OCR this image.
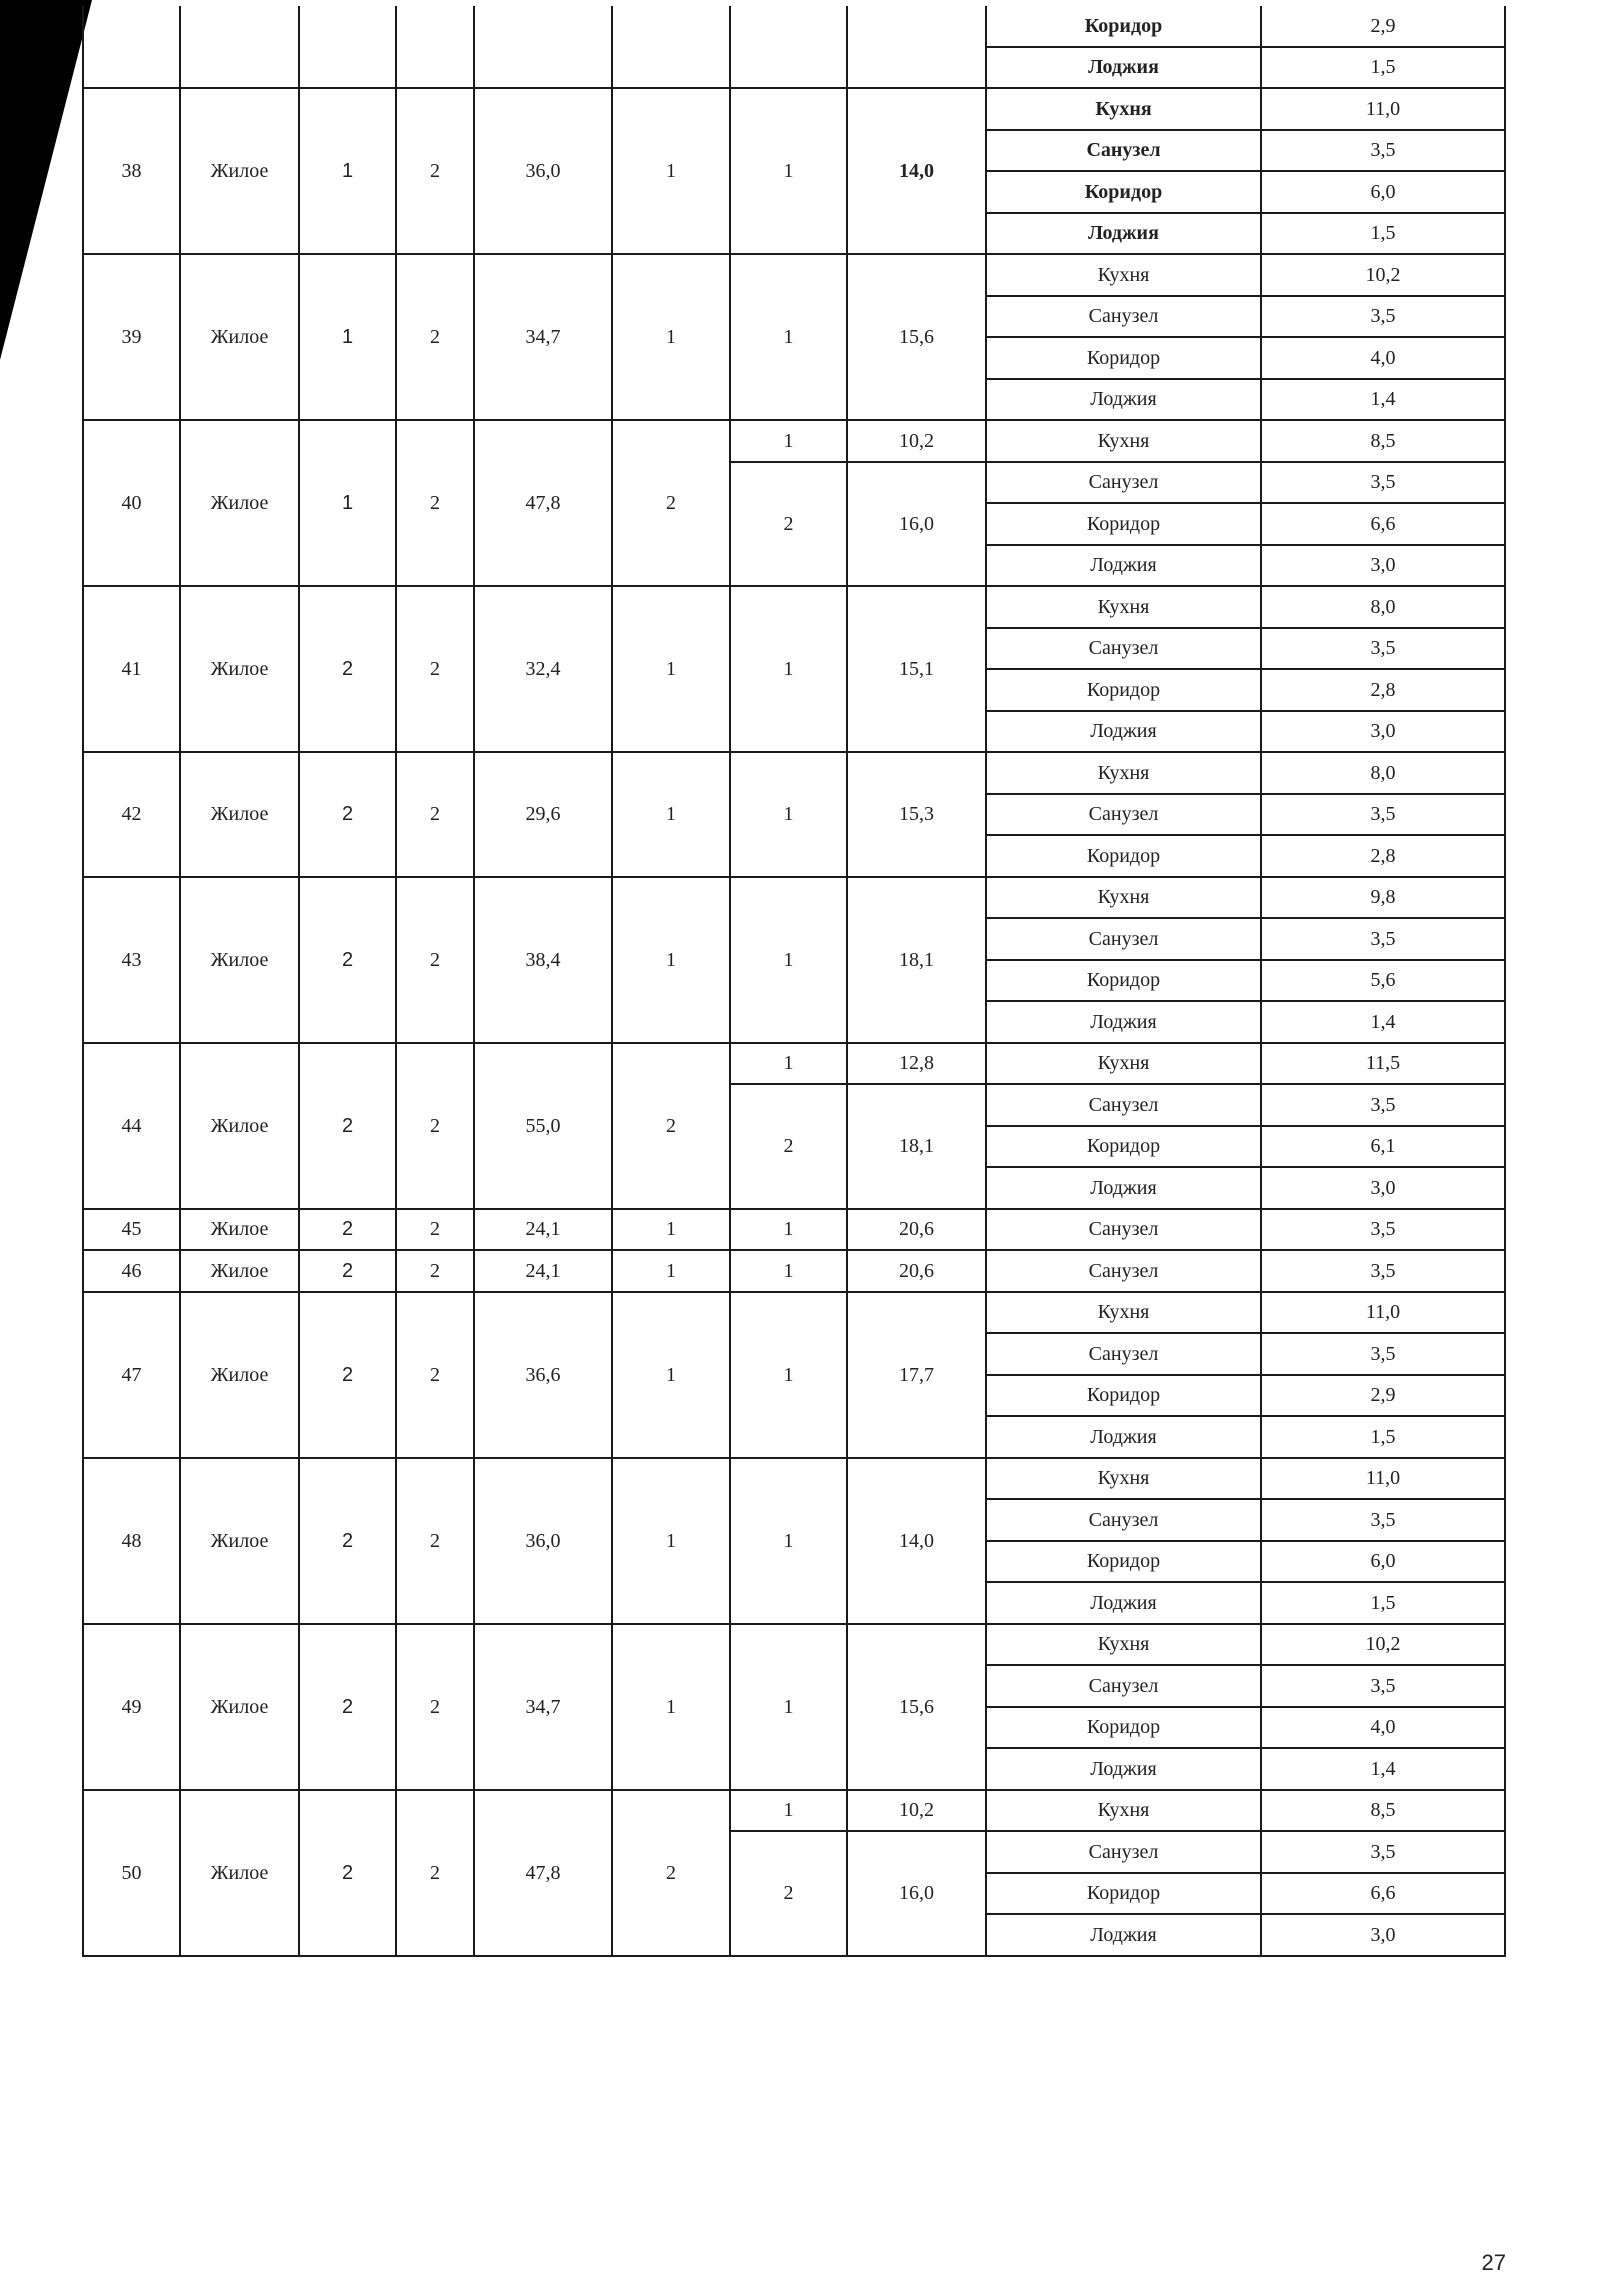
								Коридор	2,9
								Лоджия	1,5
38	Жилое	1	2	36,0	1	1	14,0	Кухня	11,0
								Санузел	3,5
								Коридор	6,0
								Лоджия	1,5
39	Жилое	1	2	34,7	1	1	15,6	Кухня	10,2
								Санузел	3,5
								Коридор	4,0
								Лоджия	1,4
40	Жилое	1	2	47,8	2	1	10,2	Кухня	8,5
						2	16,0	Санузел	3,5
								Коридор	6,6
								Лоджия	3,0
41	Жилое	2	2	32,4	1	1	15,1	Кухня	8,0
								Санузел	3,5
								Коридор	2,8
								Лоджия	3,0
42	Жилое	2	2	29,6	1	1	15,3	Кухня	8,0
								Санузел	3,5
								Коридор	2,8
43	Жилое	2	2	38,4	1	1	18,1	Кухня	9,8
								Санузел	3,5
								Коридор	5,6
								Лоджия	1,4
44	Жилое	2	2	55,0	2	1	12,8	Кухня	11,5
						2	18,1	Санузел	3,5
								Коридор	6,1
								Лоджия	3,0
45	Жилое	2	2	24,1	1	1	20,6	Санузел	3,5

46	Жилое	2	2	24,1	1	1	20,6	Санузел	3,5

47	Жилое	2	2	36,6	1	1	17,7	Кухня	11,0
								Санузел	3,5
								Коридор	2,9
								Лоджия	1,5
48	Жилое	2	2	36,0	1	1	14,0	Кухня	11,0
								Санузел	3,5
								Коридор	6,0
								Лоджия	1,5
49	Жилое	2	2	34,7	1	1	15,6	Кухня	10,2
								Санузел	3,5
								Коридор	4,0
								Лоджия	1,4
50	Жилое	2	2	47,8	2	1	10,2	Кухня	8,5
						2	16,0	Санузел	3,5
								Коридор	6,6
								Лоджия	3,0
27
